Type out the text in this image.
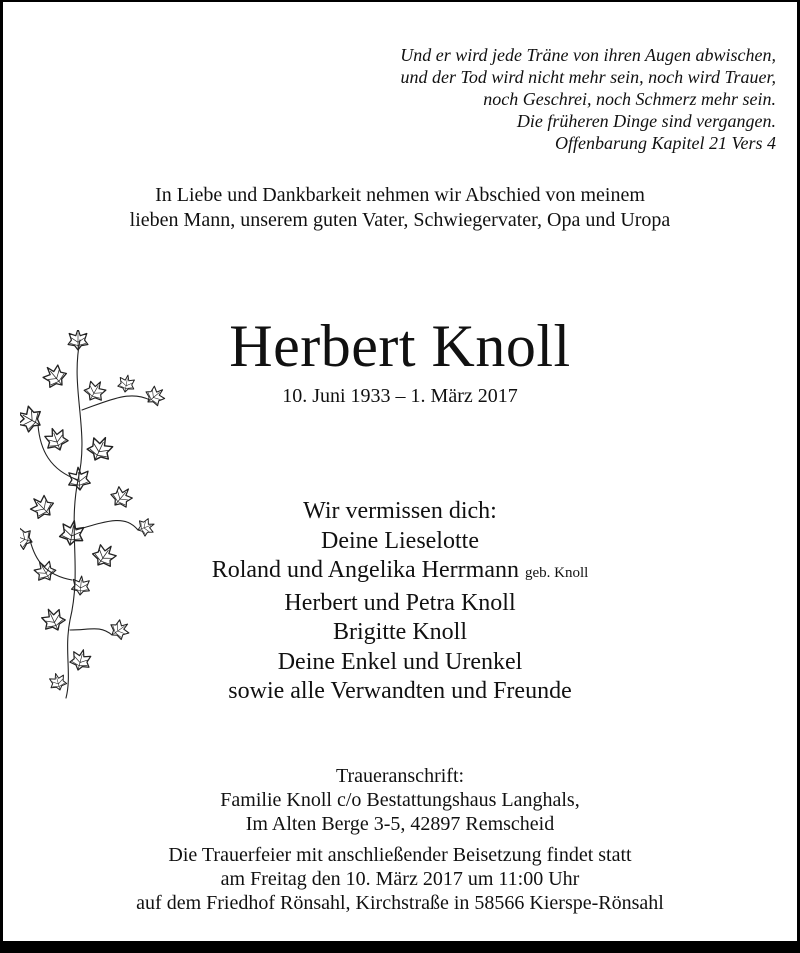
Und er wird jede Träne von ihren Augen abwischen,
und der Tod wird nicht mehr sein, noch wird Trauer,
noch Geschrei, noch Schmerz mehr sein.
Die früheren Dinge sind vergangen.
Offenbarung Kapitel 21 Vers 4
In Liebe und Dankbarkeit nehmen wir Abschied von meinem
lieben Mann, unserem guten Vater, Schwiegervater, Opa und Uropa
Herbert Knoll
10. Juni 1933 – 1. März 2017
Wir vermissen dich:
Deine Lieselotte
Roland und Angelika Herrmann geb. Knoll
Herbert und Petra Knoll
Brigitte Knoll
Deine Enkel und Urenkel
sowie alle Verwandten und Freunde
Traueranschrift:
Familie Knoll c/o Bestattungshaus Langhals,
Im Alten Berge 3-5, 42897 Remscheid
Die Trauerfeier mit anschließender Beisetzung findet statt
am Freitag den 10. März 2017 um 11:00 Uhr
auf dem Friedhof Rönsahl, Kirchstraße in 58566 Kierspe-Rönsahl
